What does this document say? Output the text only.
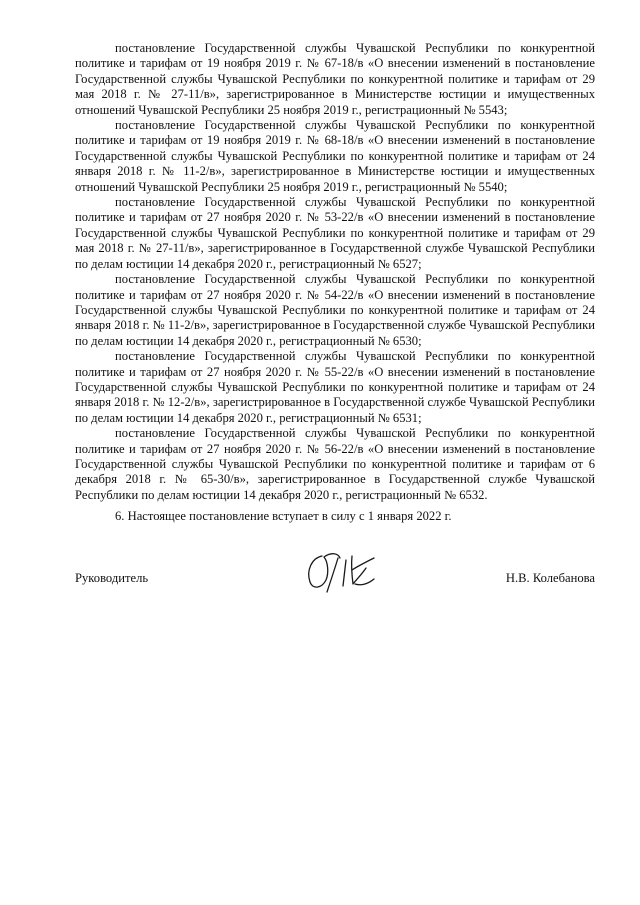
постановление Государственной службы Чувашской Республики по конкурентной политике и тарифам от 19 ноября 2019 г. № 67-18/в «О внесении изменений в постановление Государственной службы Чувашской Республики по конкурентной политике и тарифам от 29 мая 2018 г. № 27-11/в», зарегистрированное в Министерстве юстиции и имущественных отношений Чувашской Республики 25 ноября 2019 г., регистрационный № 5543;

постановление Государственной службы Чувашской Республики по конкурентной политике и тарифам от 19 ноября 2019 г. № 68-18/в «О внесении изменений в постановление Государственной службы Чувашской Республики по конкурентной политике и тарифам от 24 января 2018 г. № 11-2/в», зарегистрированное в Министерстве юстиции и имущественных отношений Чувашской Республики 25 ноября 2019 г., регистрационный № 5540;

постановление Государственной службы Чувашской Республики по конкурентной политике и тарифам от 27 ноября 2020 г. № 53-22/в «О внесении изменений в постановление Государственной службы Чувашской Республики по конкурентной политике и тарифам от 29 мая 2018 г. № 27-11/в», зарегистрированное в Государственной службе Чувашской Республики по делам юстиции 14 декабря 2020 г., регистрационный № 6527;

постановление Государственной службы Чувашской Республики по конкурентной политике и тарифам от 27 ноября 2020 г. № 54-22/в «О внесении изменений в постановление Государственной службы Чувашской Республики по конкурентной политике и тарифам от 24 января 2018 г. № 11-2/в», зарегистрированное в Государственной службе Чувашской Республики по делам юстиции 14 декабря 2020 г., регистрационный № 6530;

постановление Государственной службы Чувашской Республики по конкурентной политике и тарифам от 27 ноября 2020 г. № 55-22/в «О внесении изменений в постановление Государственной службы Чувашской Республики по конкурентной политике и тарифам от 24 января 2018 г. № 12-2/в», зарегистрированное в Государственной службе Чувашской Республики по делам юстиции 14 декабря 2020 г., регистрационный № 6531;

постановление Государственной службы Чувашской Республики по конкурентной политике и тарифам от 27 ноября 2020 г. № 56-22/в «О внесении изменений в постановление Государственной службы Чувашской Республики по конкурентной политике и тарифам от 6 декабря 2018 г. № 65-30/в», зарегистрированное в Государственной службе Чувашской Республики по делам юстиции 14 декабря 2020 г., регистрационный № 6532.

6. Настоящее постановление вступает в силу с 1 января 2022 г.

Руководитель	Н.В. Колебанова
